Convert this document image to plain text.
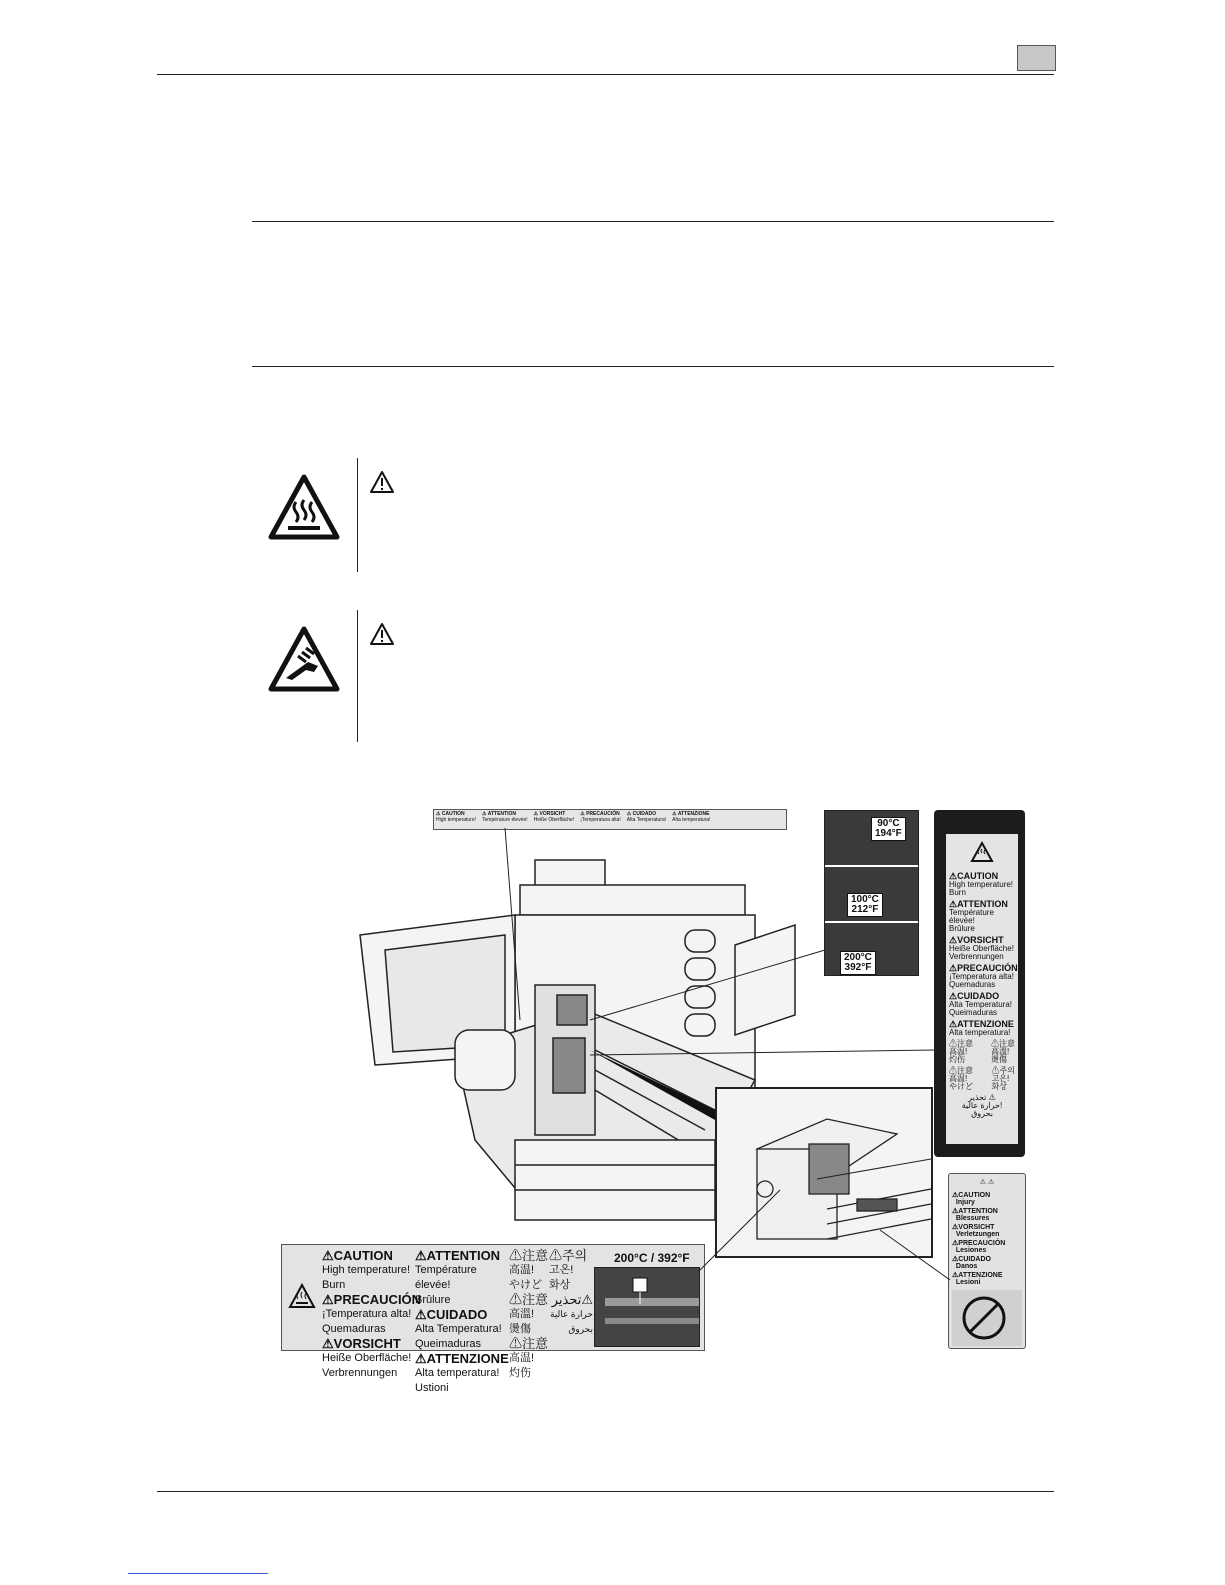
⚠ CAUTION
High temperature!
⚠ ATTENTION
Température élevée!
⚠ VORSICHT
Heiße Oberfläche!
⚠ PRECAUCIÓN
¡Temperatura alta!
⚠ CUIDADO
Alta Temperatura!
⚠ ATTENZIONE
Alta temperatura!	90°C
194°F
100°C
212°F
200°C
392°F
⚠CAUTION
High temperature!
Burn
⚠ATTENTION
Température élevée!
Brûlure
⚠VORSICHT
Heiße Oberfläche!
Verbrennungen
⚠PRECAUCIÓN
¡Temperatura alta!
Quemaduras
⚠CUIDADO
Alta Temperatura!
Queimaduras
⚠ATTENZIONE
Alta temperatura!
⚠注意
高温!
灼伤
⚠注意
高溫!
燙傷
⚠注意
高温!
やけど
⚠주의
고온!
화상
تحذير ⚠
حرارة عالية!
بحروق
⚠ ⚠
⚠CAUTION
Injury
⚠ATTENTION
Blessures
⚠VORSICHT
Verletzungen
⚠PRECAUCIÓN
Lesiones
⚠CUIDADO
Danos
⚠ATTENZIONE
Lesioni
⚠CAUTION
High temperature!
Burn
⚠PRECAUCIÓN
¡Temperatura alta!
Quemaduras
⚠VORSICHT
Heiße Oberfläche!
Verbrennungen
⚠ATTENTION
Température élevée!
Brûlure
⚠CUIDADO
Alta Temperatura!
Queimaduras
⚠ATTENZIONE
Alta temperatura!
Ustioni
⚠注意
高温!
やけど
⚠注意
高溫!
燙傷
⚠注意
高温!
灼伤
⚠주의
고온!
화상
تحذير⚠
حرارة عالية
بحروق
200°C / 392°F
